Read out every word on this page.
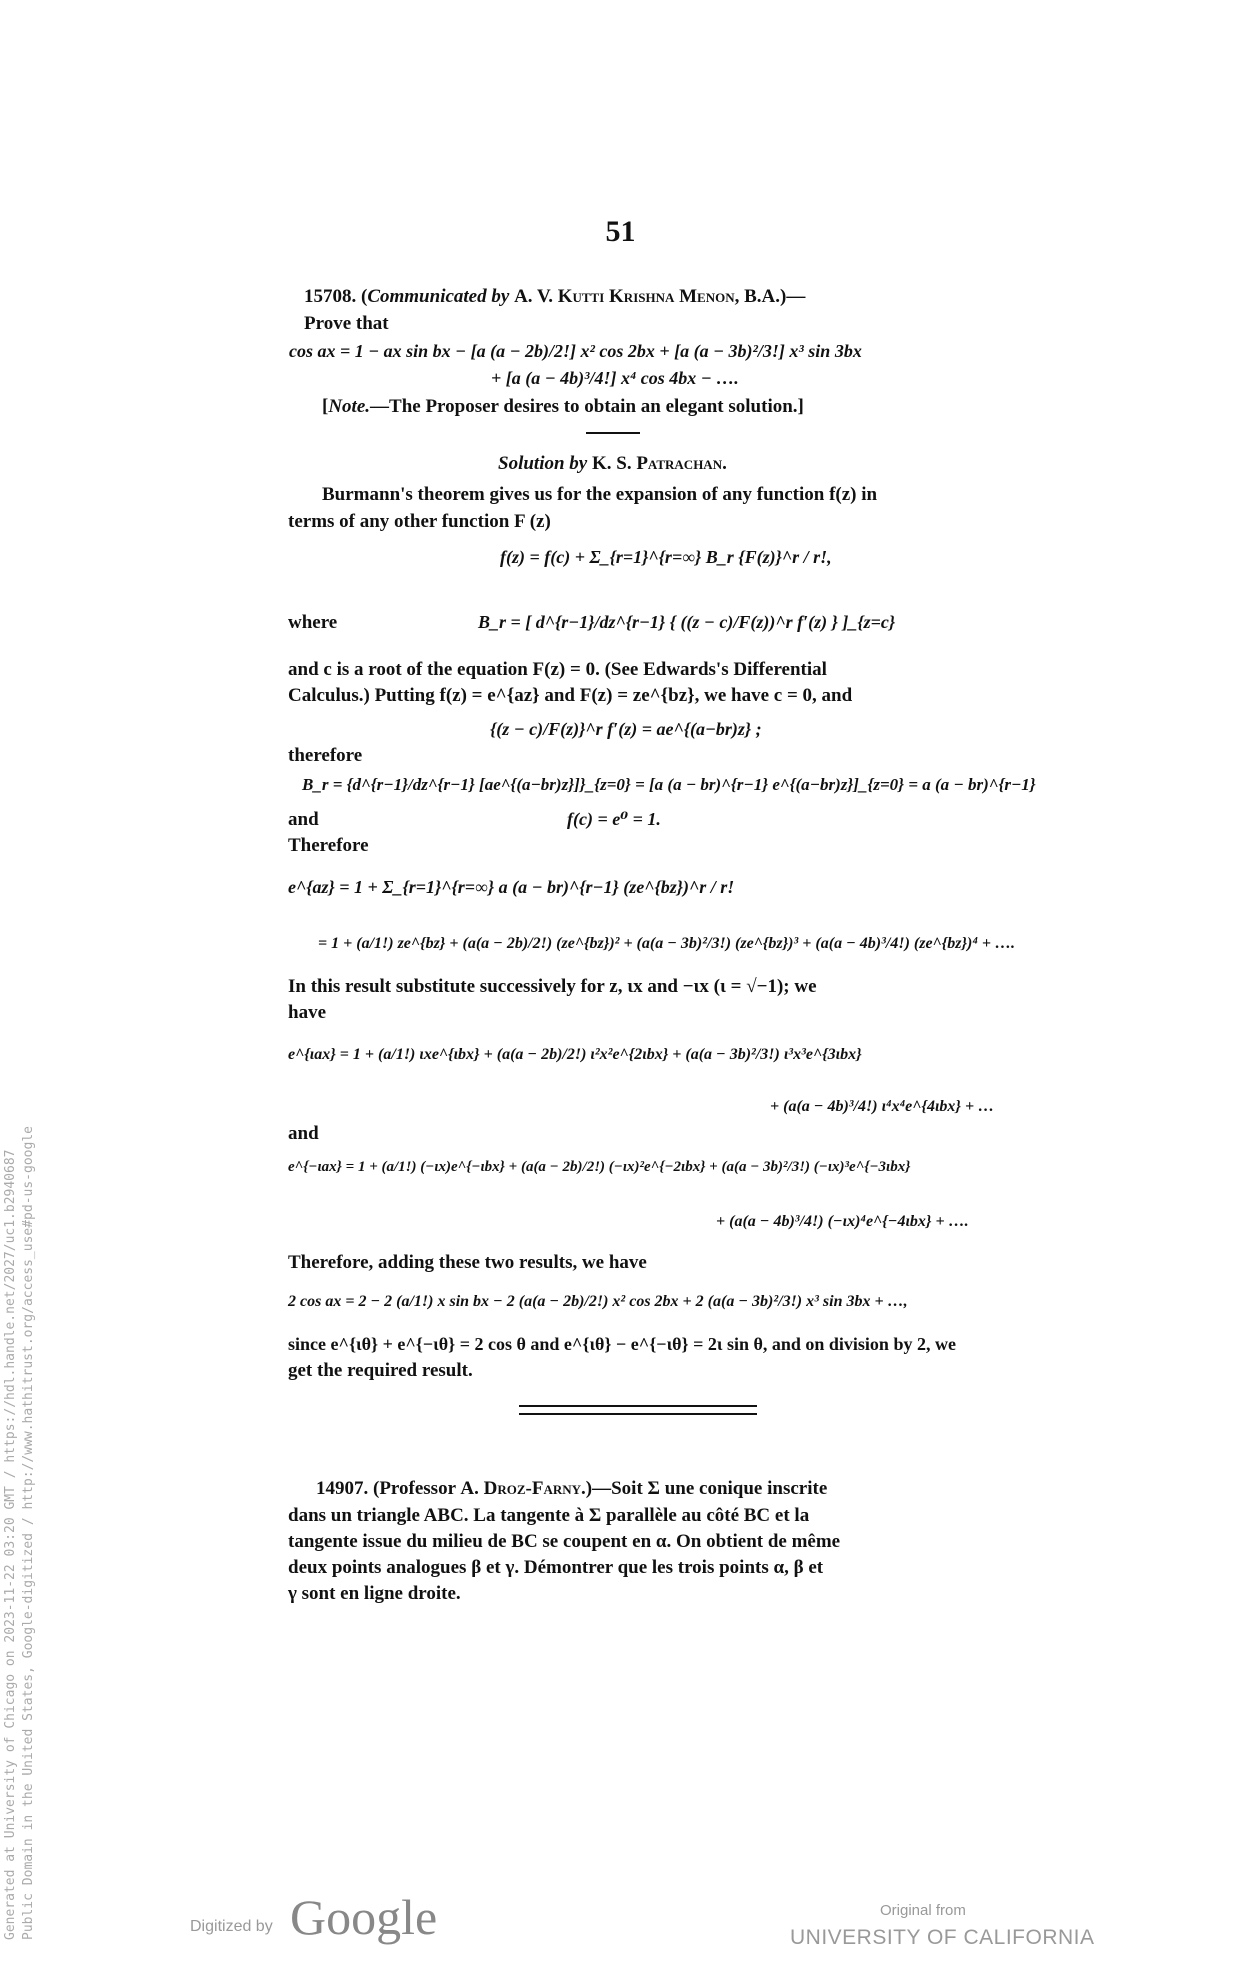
51
15708. (Communicated by A. V. Kutti Krishna Menon, B.A.)—
Prove that
cos ax = 1 − ax sin bx − [a (a − 2b)/2!] x² cos 2bx + [a (a − 3b)²/3!] x³ sin 3bx
+ [a (a − 4b)³/4!] x⁴ cos 4bx − ….
[Note.—The Proposer desires to obtain an elegant solution.]
Solution by K. S. Patrachan.
Burmann's theorem gives us for the expansion of any function f(z) in
terms of any other function F (z)
f(z) = f(c) + Σ_{r=1}^{r=∞} B_r {F(z)}^r / r!,
where	B_r = [ d^{r−1}/dz^{r−1} { ((z − c)/F(z))^r f′(z) } ]_{z=c}
and c is a root of the equation F(z) = 0. (See Edwards's Differential
Calculus.) Putting f(z) = e^{az} and F(z) = ze^{bz}, we have c = 0, and
{(z − c)/F(z)}^r f′(z) = ae^{(a−br)z} ;
therefore
B_r = {d^{r−1}/dz^{r−1} [ae^{(a−br)z}]}_{z=0} = [a (a − br)^{r−1} e^{(a−br)z}]_{z=0} = a (a − br)^{r−1}
and	f(c) = e⁰ = 1.
Therefore
e^{az} = 1 + Σ_{r=1}^{r=∞} a (a − br)^{r−1} (ze^{bz})^r / r!
= 1 + (a/1!) ze^{bz} + (a(a − 2b)/2!) (ze^{bz})² + (a(a − 3b)²/3!) (ze^{bz})³ + (a(a − 4b)³/4!) (ze^{bz})⁴ + ….
In this result substitute successively for z, ιx and −ιx (ι = √−1); we
have
e^{ιax} = 1 + (a/1!) ιxe^{ιbx} + (a(a − 2b)/2!) ι²x²e^{2ιbx} + (a(a − 3b)²/3!) ι³x³e^{3ιbx}
+ (a(a − 4b)³/4!) ι⁴x⁴e^{4ιbx} + …
and
e^{−ιax} = 1 + (a/1!) (−ιx)e^{−ιbx} + (a(a − 2b)/2!) (−ιx)²e^{−2ιbx} + (a(a − 3b)²/3!) (−ιx)³e^{−3ιbx}
+ (a(a − 4b)³/4!) (−ιx)⁴e^{−4ιbx} + ….
Therefore, adding these two results, we have
2 cos ax = 2 − 2 (a/1!) x sin bx − 2 (a(a − 2b)/2!) x² cos 2bx + 2 (a(a − 3b)²/3!) x³ sin 3bx + …,
since e^{ιθ} + e^{−ιθ} = 2 cos θ and e^{ιθ} − e^{−ιθ} = 2ι sin θ, and on division by 2, we
get the required result.
14907. (Professor A. Droz-Farny.)—Soit Σ une conique inscrite
dans un triangle ABC. La tangente à Σ parallèle au côté BC et la
tangente issue du milieu de BC se coupent en α. On obtient de même
deux points analogues β et γ. Démontrer que les trois points α, β et
γ sont en ligne droite.
Generated at University of Chicago on 2023-11-22 03:20 GMT / https://hdl.handle.net/2027/uc1.b2940687 Public Domain in the United States, Google-digitized / http://www.hathitrust.org/access_use#pd-us-google	Digitized by Google	Original from
UNIVERSITY OF CALIFORNIA
